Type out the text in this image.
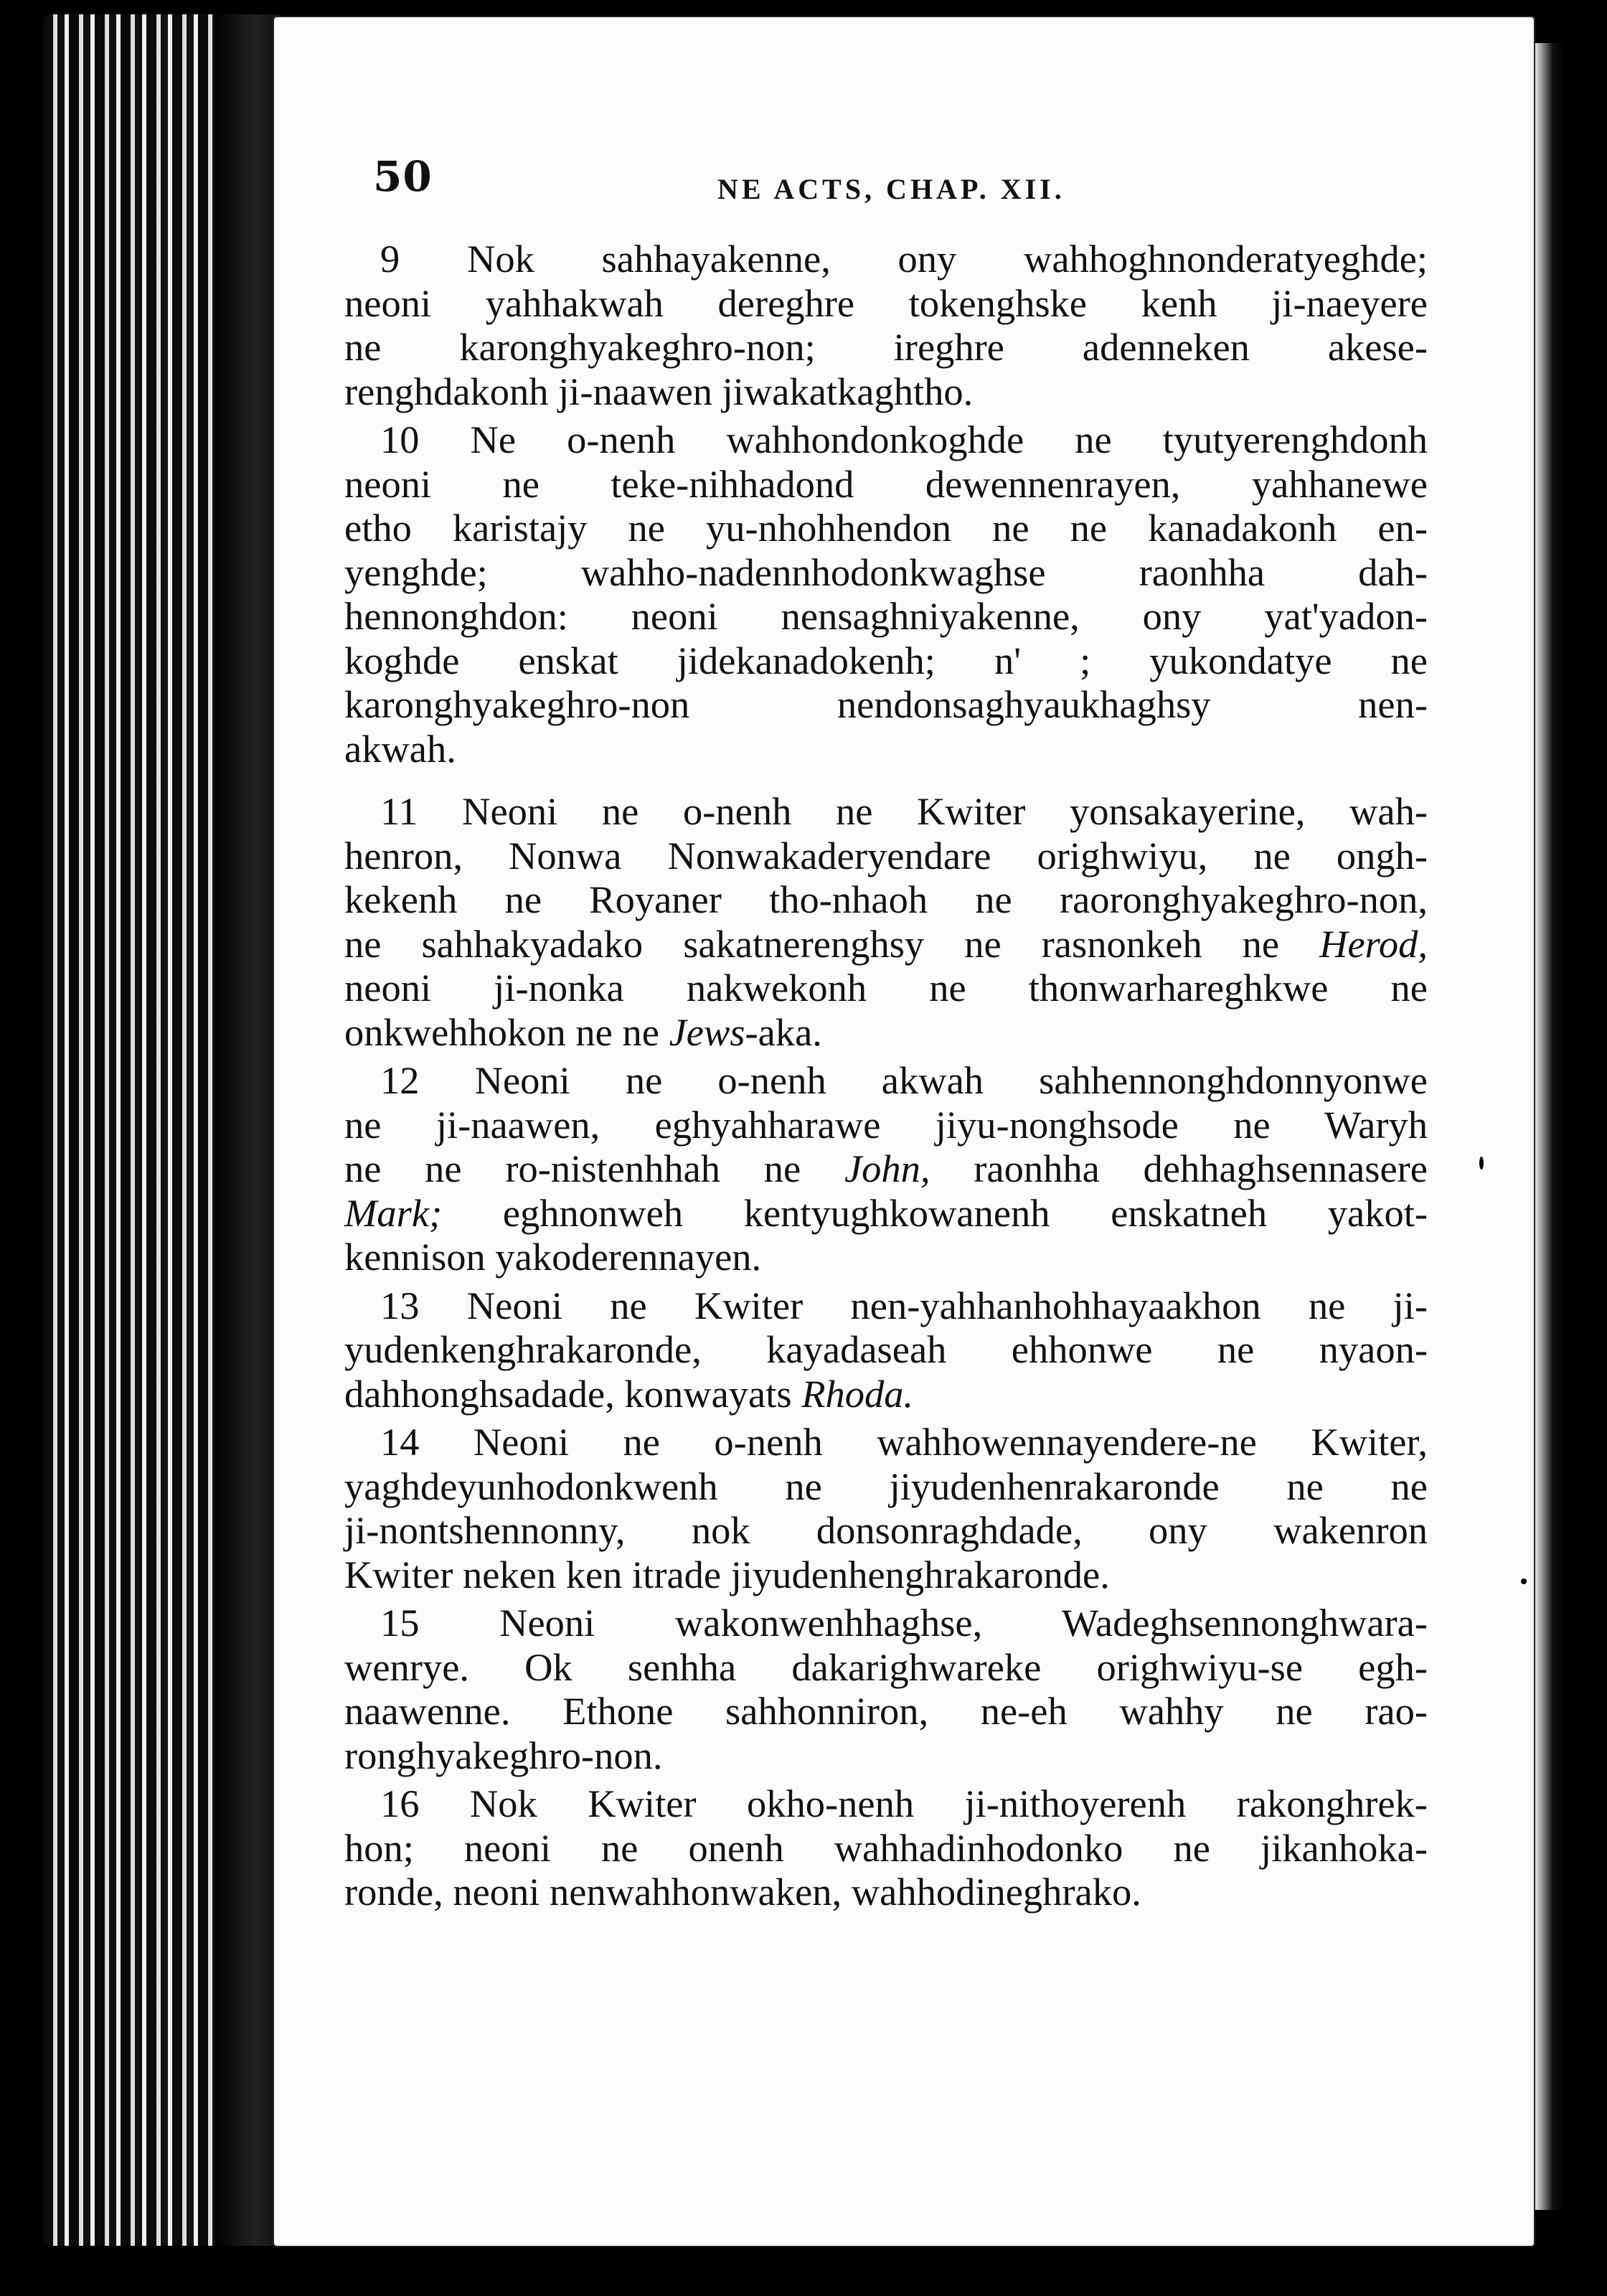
50	NE ACTS, CHAP. XII.
9 Nok sahhayakenne, ony wahhoghnonderatyeghde;
neoni yahhakwah dereghre tokenghske kenh ji-naeyere
ne karonghyakeghro-non; ireghre adenneken akese-
renghdakonh ji-naawen jiwakatkaghtho.
10 Ne o-nenh wahhondonkoghde ne tyutyerenghdonh
neoni ne teke-nihhadond dewennenrayen, yahhanewe
etho karistajy ne yu-nhohhendon ne ne kanadakonh en-
yenghde; wahho-nadennhodonkwaghse raonhha dah-
hennonghdon: neoni nensaghniyakenne, ony yat'yadon-
koghde enskat jidekanadokenh; n' ; yukondatye ne
karonghyakeghro-non nendonsaghyaukhaghsy nen-
akwah.
11 Neoni ne o-nenh ne Kwiter yonsakayerine, wah-
henron, Nonwa Nonwakaderyendare orighwiyu, ne ongh-
kekenh ne Royaner tho-nhaoh ne raoronghyakeghro-non,
ne sahhakyadako sakatnerenghsy ne rasnonkeh ne Herod,
neoni ji-nonka nakwekonh ne thonwarhareghkwe ne
onkwehhokon ne ne Jews-aka.
12 Neoni ne o-nenh akwah sahhennonghdonnyonwe
ne ji-naawen, eghyahharawe jiyu-nonghsode ne Waryh
ne ne ro-nistenhhah ne John, raonhha dehhaghsennasere
Mark; eghnonweh kentyughkowanenh enskatneh yakot-
kennison yakoderennayen.
13 Neoni ne Kwiter nen-yahhanhohhayaakhon ne ji-
yudenkenghrakaronde, kayadaseah ehhonwe ne nyaon-
dahhonghsadade, konwayats Rhoda.
14 Neoni ne o-nenh wahhowennayendere-ne Kwiter,
yaghdeyunhodonkwenh ne jiyudenhenrakaronde ne ne
ji-nontshennonny, nok donsonraghdade, ony wakenron
Kwiter neken ken itrade jiyudenhenghrakaronde.
15 Neoni wakonwenhhaghse, Wadeghsennonghwara-
wenrye. Ok senhha dakarighwareke orighwiyu-se egh-
naawenne. Ethone sahhonniron, ne-eh wahhy ne rao-
ronghyakeghro-non.
16 Nok Kwiter okho-nenh ji-nithoyerenh rakonghrek-
hon; neoni ne onenh wahhadinhodonko ne jikanhoka-
ronde, neoni nenwahhonwaken, wahhodineghrako.
